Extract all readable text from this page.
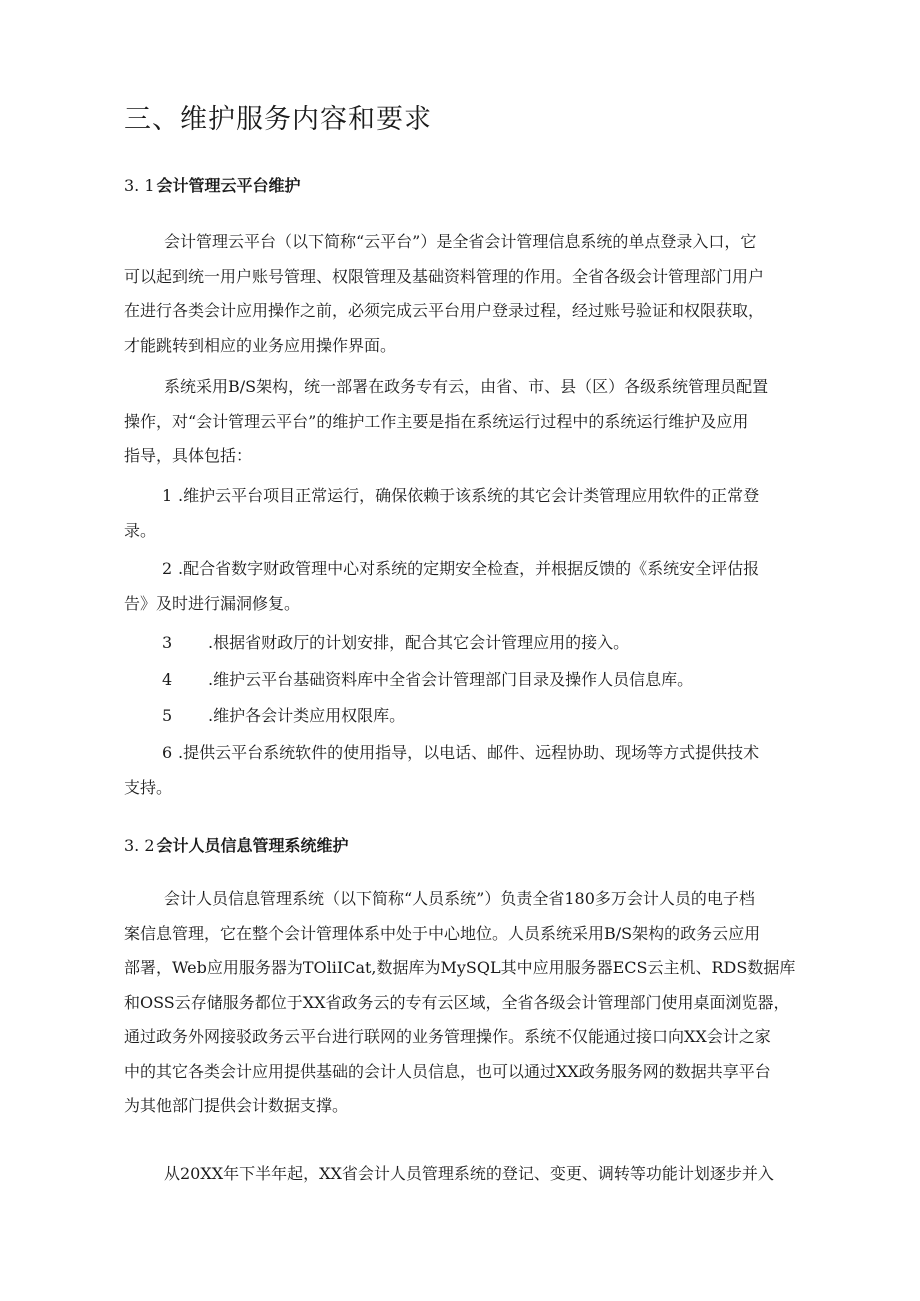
三、维护服务内容和要求
3. 1 会计管理云平台维护
会计管理云平台（以下简称“云平台”）是全省会计管理信息系统的单点登录入口，它
可以起到统一用户账号管理、权限管理及基础资料管理的作用。全省各级会计管理部门用户
在进行各类会计应用操作之前，必须完成云平台用户登录过程，经过账号验证和权限获取，
才能跳转到相应的业务应用操作界面。
系统采用B/S架构，统一部署在政务专有云，由省、市、县（区）各级系统管理员配置
操作，对“会计管理云平台”的维护工作主要是指在系统运行过程中的系统运行维护及应用
指导，具体包括：
1 .维护云平台项目正常运行，确保依赖于该系统的其它会计类管理应用软件的正常登
录。
2 .配合省数字财政管理中心对系统的定期安全检查，并根据反馈的《系统安全评估报
告》及时进行漏洞修复。
3 .根据省财政厅的计划安排，配合其它会计管理应用的接入。
4 .维护云平台基础资料库中全省会计管理部门目录及操作人员信息库。
5 .维护各会计类应用权限库。
6 .提供云平台系统软件的使用指导，以电话、邮件、远程协助、现场等方式提供技术
支持。
3. 2 会计人员信息管理系统维护
会计人员信息管理系统（以下简称“人员系统”）负责全省180多万会计人员的电子档
案信息管理，它在整个会计管理体系中处于中心地位。人员系统采用B/S架构的政务云应用
部署，Web应用服务器为TOliICat,数据库为MySQL其中应用服务器ECS云主机、RDS数据库
和OSS云存储服务都位于XX省政务云的专有云区域，全省各级会计管理部门使用桌面浏览器，
通过政务外网接驳政务云平台进行联网的业务管理操作。系统不仅能通过接口向XX会计之家
中的其它各类会计应用提供基础的会计人员信息，也可以通过XX政务服务网的数据共享平台
为其他部门提供会计数据支撑。
从20XX年下半年起，XX省会计人员管理系统的登记、变更、调转等功能计划逐步并入
